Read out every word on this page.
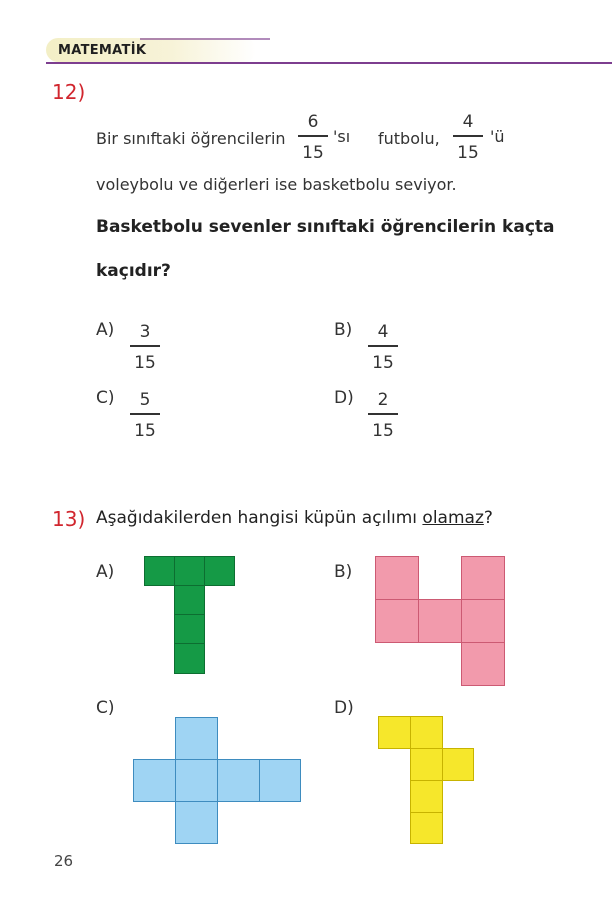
MATEMATİK
12)
Bir sınıftaki öğrencilerin
6
15
'sı futbolu,
4
15
'ü
voleybolu ve diğerleri ise basketbolu seviyor.
Basketbolu sevenler sınıftaki öğrencilerin kaçta
kaçıdır?
A)	3
15
B)	4
15
C)	5
15
D)	2
15
13) Aşağıdakilerden hangisi küpün açılımı olamaz?
A)	B)
C)	D)
26
